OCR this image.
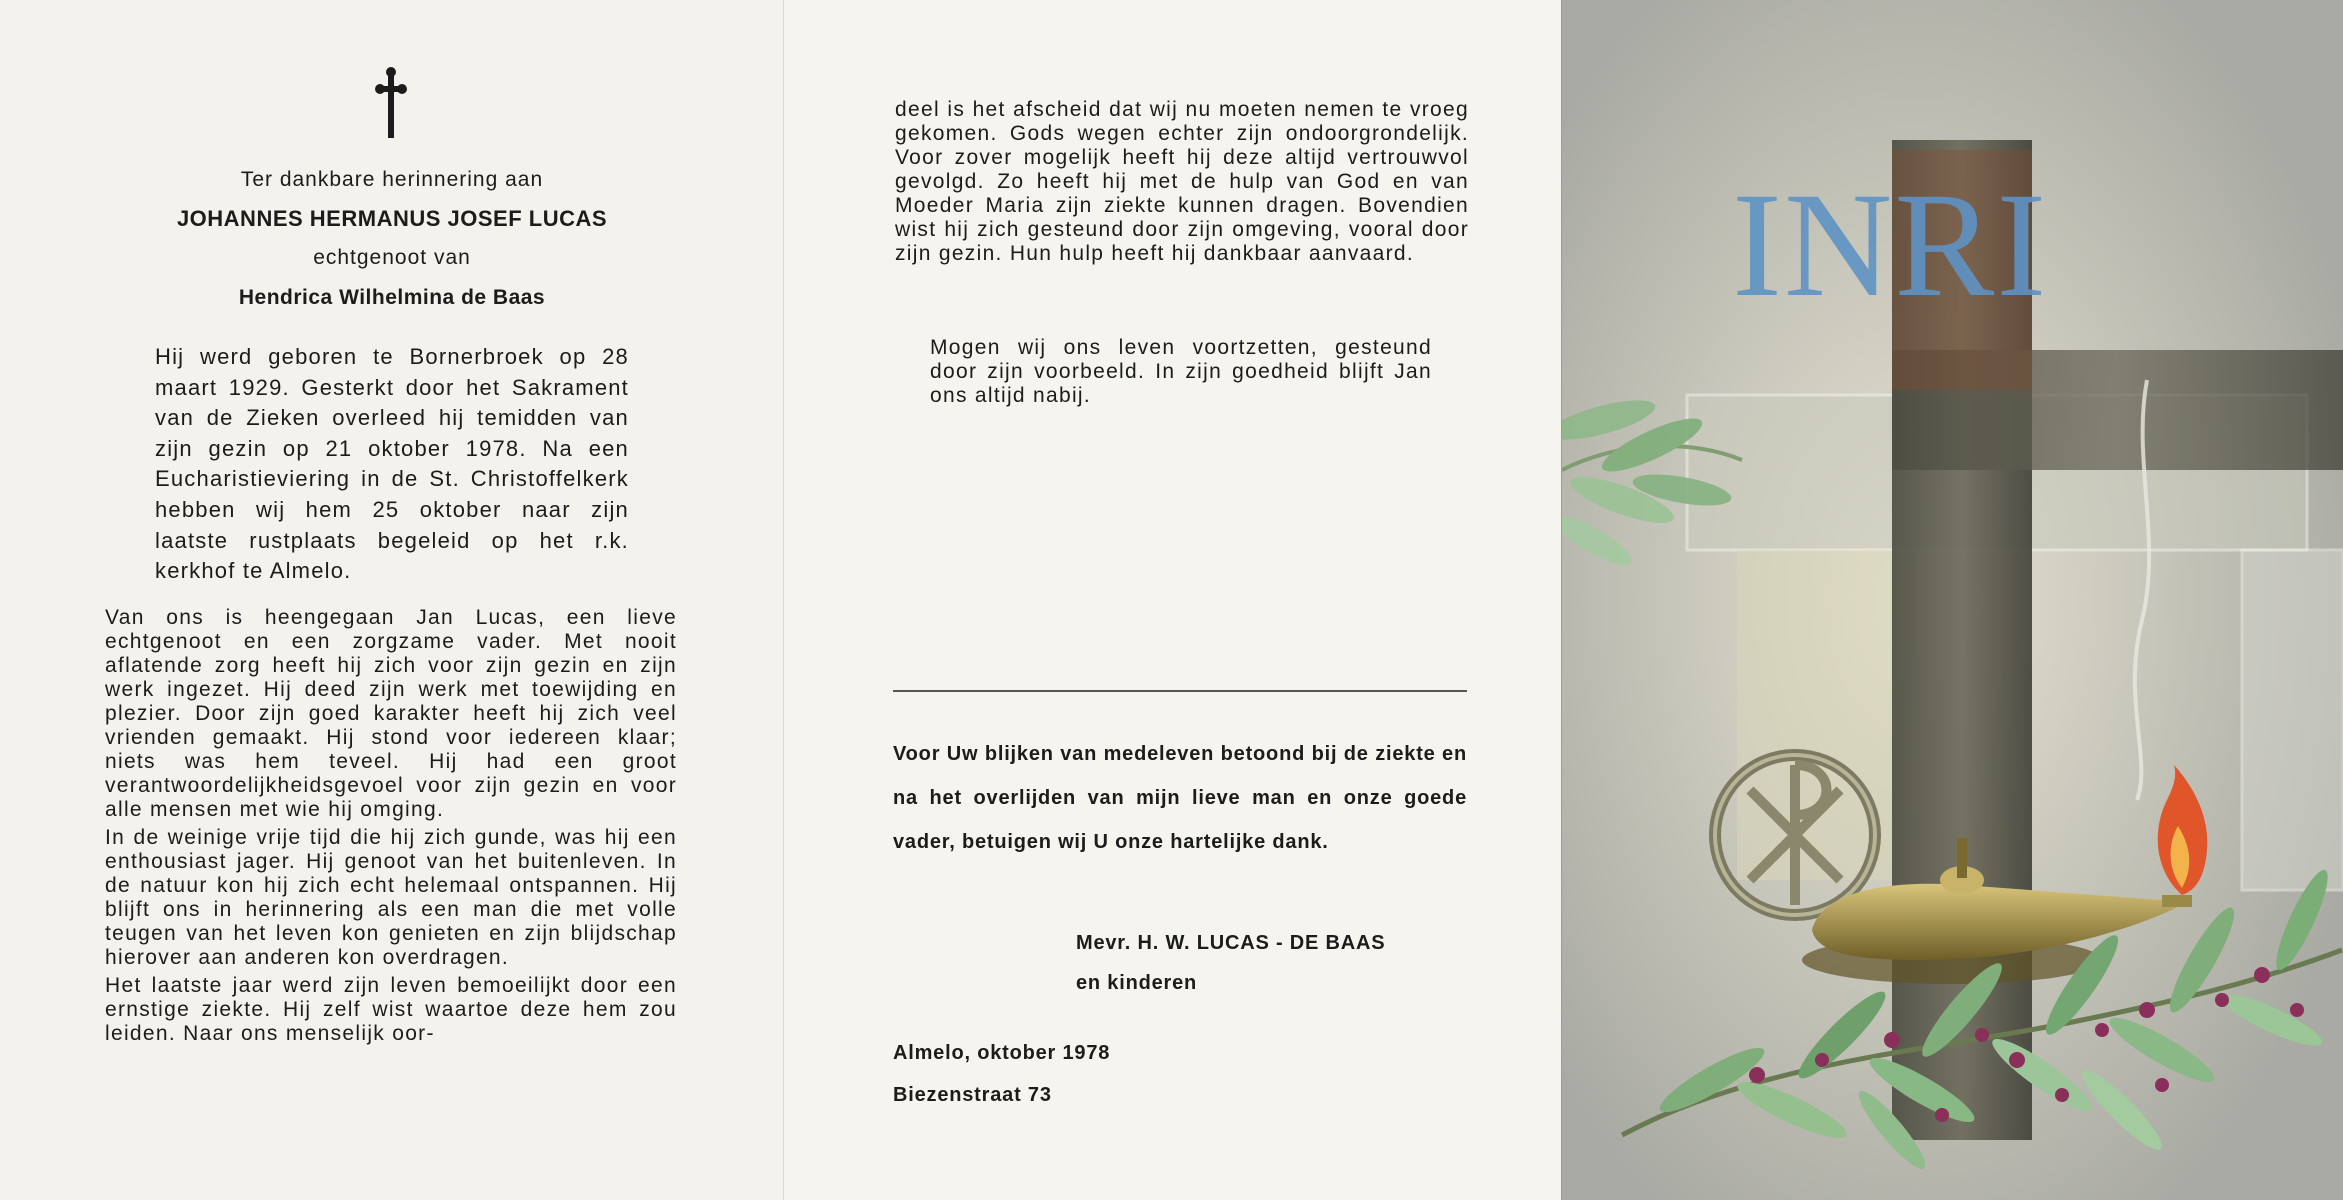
Ter dankbare herinnering aan
JOHANNES HERMANUS JOSEF LUCAS
echtgenoot van
Hendrica Wilhelmina de Baas

Hij werd geboren te Bornerbroek op 28 maart 1929. Gesterkt door het Sakrament van de Zieken overleed hij temidden van zijn gezin op 21 oktober 1978. Na een Eucharistieviering in de St. Christoffelkerk hebben wij hem 25 oktober naar zijn laatste rustplaats begeleid op het r.k. kerkhof te Almelo.

Van ons is heengegaan Jan Lucas, een lieve echtgenoot en een zorgzame vader. Met nooit aflatende zorg heeft hij zich voor zijn gezin en zijn werk ingezet. Hij deed zijn werk met toewijding en plezier. Door zijn goed karakter heeft hij zich veel vrienden gemaakt. Hij stond voor iedereen klaar; niets was hem teveel. Hij had een groot verantwoordelijkheidsgevoel voor zijn gezin en voor alle mensen met wie hij omging.

In de weinige vrije tijd die hij zich gunde, was hij een enthousiast jager. Hij genoot van het buitenleven. In de natuur kon hij zich echt helemaal ontspannen. Hij blijft ons in herinnering als een man die met volle teugen van het leven kon genieten en zijn blijdschap hierover aan anderen kon overdragen.

Het laatste jaar werd zijn leven bemoeilijkt door een ernstige ziekte. Hij zelf wist waartoe deze hem zou leiden. Naar ons menselijk oor-

deel is het afscheid dat wij nu moeten nemen te vroeg gekomen. Gods wegen echter zijn ondoorgrondelijk. Voor zover mogelijk heeft hij deze altijd vertrouwvol gevolgd. Zo heeft hij met de hulp van God en van Moeder Maria zijn ziekte kunnen dragen. Bovendien wist hij zich gesteund door zijn omgeving, vooral door zijn gezin. Hun hulp heeft hij dankbaar aanvaard.

Mogen wij ons leven voortzetten, gesteund door zijn voorbeeld. In zijn goedheid blijft Jan ons altijd nabij.

Voor Uw blijken van medeleven betoond bij de ziekte en na het overlijden van mijn lieve man en onze goede vader, betuigen wij U onze hartelijke dank.

Mevr. H. W. LUCAS - DE BAAS
en kinderen
Almelo, oktober 1978
Biezenstraat 73
INRI
